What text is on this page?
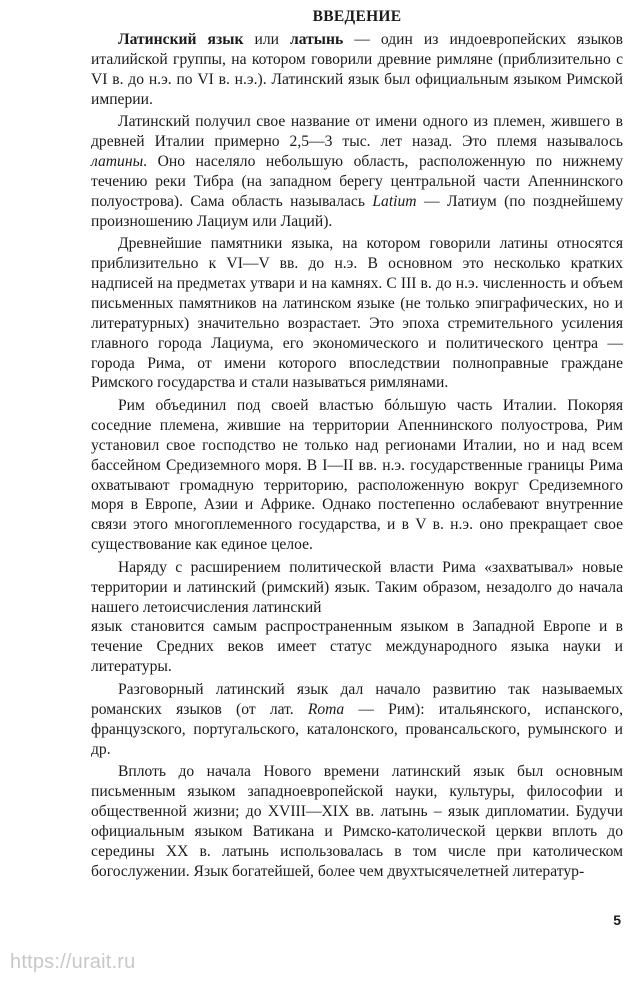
ВВЕДЕНИЕ

Латинский язык или латынь — один из индоевропейских языков италийской группы, на котором говорили древние римляне (приблизительно с VI в. до н.э. по VI в. н.э.). Латинский язык был официальным языком Римской империи.

Латинский получил свое название от имени одного из племен, жившего в древней Италии примерно 2,5—3 тыс. лет назад. Это племя называлось латины. Оно населяло небольшую область, расположенную по нижнему течению реки Тибра (на западном берегу центральной части Апеннинского полуострова). Сама область называлась Latium — Латиум (по позднейшему произношению Лациум или Лаций).

Древнейшие памятники языка, на котором говорили латины относятся приблизительно к VI—V вв. до н.э. В основном это несколько кратких надписей на предметах утвари и на камнях. С III в. до н.э. численность и объем письменных памятников на латинском языке (не только эпиграфических, но и литературных) значительно возрастает. Это эпоха стремительного усиления главного города Лациума, его экономического и политического центра — города Рима, от имени которого впоследствии полноправные граждане Римского государства и стали называться римлянами.

Рим объединил под своей властью бóльшую часть Италии. Покоряя соседние племена, жившие на территории Апеннинского полуострова, Рим установил свое господство не только над регионами Италии, но и над всем бассейном Средиземного моря. В I—II вв. н.э. государственные границы Рима охватывают громадную территорию, расположенную вокруг Средиземного моря в Европе, Азии и Африке. Однако постепенно ослабевают внутренние связи этого многоплеменного государства, и в V в. н.э. оно прекращает свое существование как единое целое.

Наряду с расширением политической власти Рима «захватывал» новые территории и латинский (римский) язык. Таким образом, незадолго до начала нашего летоисчисления латинский

язык становится самым распространенным языком в Западной Европе и в течение Средних веков имеет статус международного языка науки и литературы.

Разговорный латинский язык дал начало развитию так называемых романских языков (от лат. Roma — Рим): итальянского, испанского, французского, португальского, каталонского, провансальского, румынского и др.

Вплоть до начала Нового времени латинский язык был основным письменным языком западноевропейской науки, культуры, философии и общественной жизни; до XVIII—XIX вв. латынь – язык дипломатии. Будучи официальным языком Ватикана и Римско-католической церкви вплоть до середины XX в. латынь использовалась в том числе при католическом богослужении. Язык богатейшей, более чем двухтысячелетней литератур-

5
https://urait.ru
